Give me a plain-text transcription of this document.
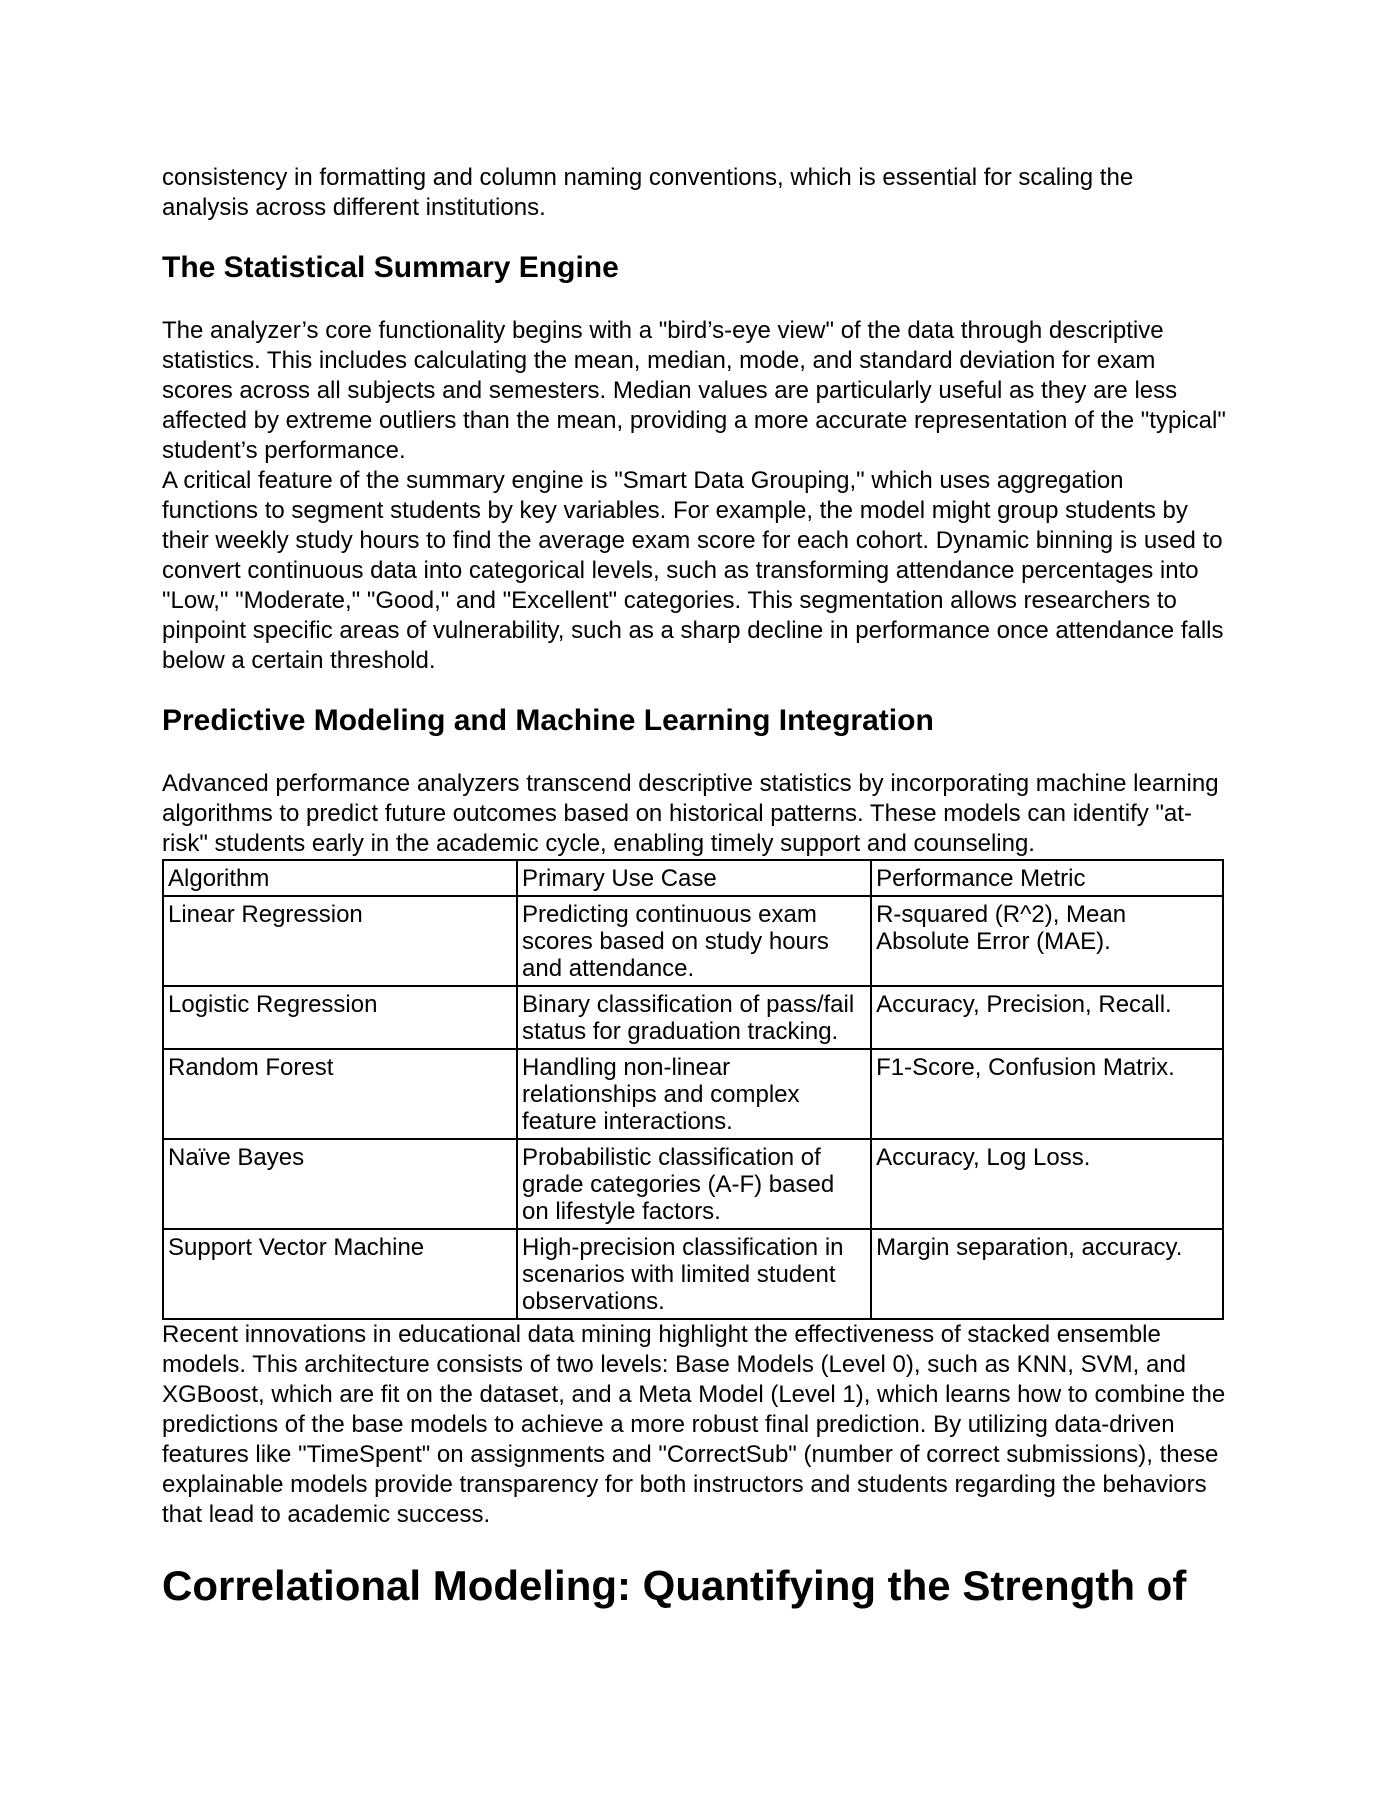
consistency in formatting and column naming conventions, which is essential for scaling the analysis across different institutions.

The Statistical Summary Engine

The analyzer’s core functionality begins with a "bird’s-eye view" of the data through descriptive statistics. This includes calculating the mean, median, mode, and standard deviation for exam scores across all subjects and semesters. Median values are particularly useful as they are less affected by extreme outliers than the mean, providing a more accurate representation of the "typical" student’s performance.

A critical feature of the summary engine is "Smart Data Grouping," which uses aggregation functions to segment students by key variables. For example, the model might group students by their weekly study hours to find the average exam score for each cohort. Dynamic binning is used to convert continuous data into categorical levels, such as transforming attendance percentages into "Low," "Moderate," "Good," and "Excellent" categories. This segmentation allows researchers to pinpoint specific areas of vulnerability, such as a sharp decline in performance once attendance falls below a certain threshold.

Predictive Modeling and Machine Learning Integration

Advanced performance analyzers transcend descriptive statistics by incorporating machine learning algorithms to predict future outcomes based on historical patterns. These models can identify "at-risk" students early in the academic cycle, enabling timely support and counseling.

Algorithm	Primary Use Case	Performance Metric
Linear Regression	Predicting continuous exam scores based on study hours and attendance.	R-squared (R^2), Mean Absolute Error (MAE).
Logistic Regression	Binary classification of pass/fail status for graduation tracking.	Accuracy, Precision, Recall.
Random Forest	Handling non-linear relationships and complex feature interactions.	F1-Score, Confusion Matrix.
Naïve Bayes	Probabilistic classification of grade categories (A-F) based on lifestyle factors.	Accuracy, Log Loss.
Support Vector Machine	High-precision classification in scenarios with limited student observations.	Margin separation, accuracy.

Recent innovations in educational data mining highlight the effectiveness of stacked ensemble models. This architecture consists of two levels: Base Models (Level 0), such as KNN, SVM, and XGBoost, which are fit on the dataset, and a Meta Model (Level 1), which learns how to combine the predictions of the base models to achieve a more robust final prediction. By utilizing data-driven features like "TimeSpent" on assignments and "CorrectSub" (number of correct submissions), these explainable models provide transparency for both instructors and students regarding the behaviors that lead to academic success.

Correlational Modeling: Quantifying the Strength of
